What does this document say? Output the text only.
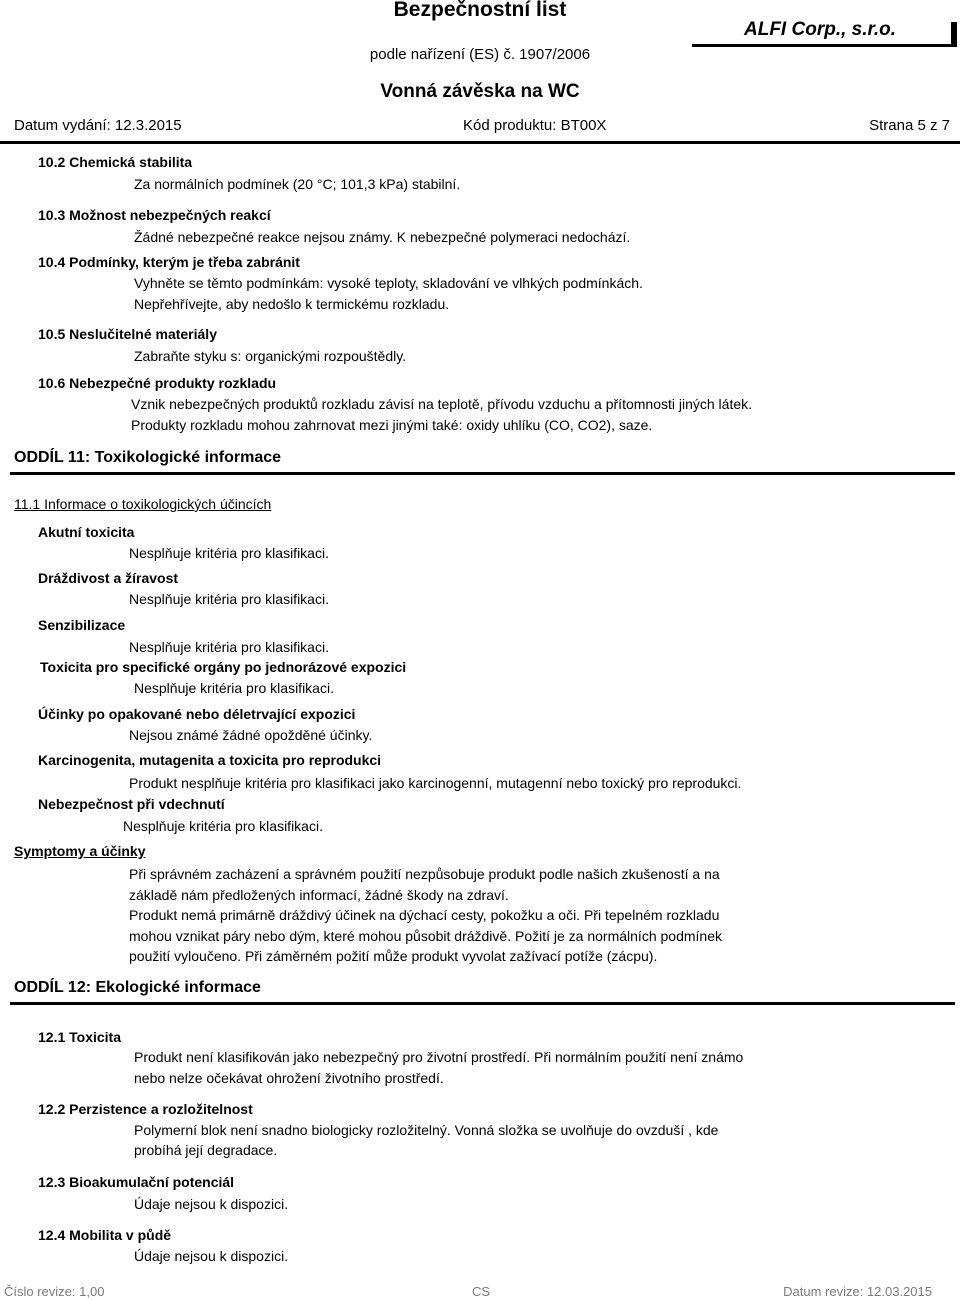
Bezpečnostní list
podle nařízení (ES) č. 1907/2006
ALFI Corp., s.r.o.
Vonná závěska na WC
Datum vydání: 12.3.2015	Kód produktu: BT00X	Strana 5 z 7
10.2 Chemická stabilita
Za normálních podmínek (20 °C; 101,3 kPa) stabilní.
10.3 Možnost nebezpečných reakcí
Žádné nebezpečné reakce nejsou známy. K nebezpečné polymeraci nedochází.
10.4 Podmínky, kterým je třeba zabránit
Vyhněte se těmto podmínkám: vysoké teploty, skladování ve vlhkých podmínkách.
Nepřehřívejte, aby nedošlo k termickému rozkladu.
10.5 Neslučitelné materiály
Zabraňte styku s: organickými rozpouštědly.
10.6 Nebezpečné produkty rozkladu
Vznik nebezpečných produktů rozkladu závisí na teplotě, přívodu vzduchu a přítomnosti jiných látek.
Produkty rozkladu mohou zahrnovat mezi jinými také: oxidy uhlíku (CO, CO2), saze.
ODDÍL 11: Toxikologické informace
11.1 Informace o toxikologických účincích
Akutní toxicita
Nesplňuje kritéria pro klasifikaci.
Dráždivost a žíravost
Nesplňuje kritéria pro klasifikaci.
Senzibilizace
Nesplňuje kritéria pro klasifikaci.
Toxicita pro specifické orgány po jednorázové expozici
Nesplňuje kritéria pro klasifikaci.
Účinky po opakované nebo déletrvající expozici
Nejsou známé žádné opožděné účinky.
Karcinogenita, mutagenita a toxicita pro reprodukci
Produkt nesplňuje kritéria pro klasifikaci jako karcinogenní, mutagenní nebo toxický pro reprodukci.
Nebezpečnost při vdechnutí
Nesplňuje kritéria pro klasifikaci.
Symptomy a účinky
Při správném zacházení a správném použití nezpůsobuje produkt podle našich zkušeností a na
základě nám předložených informací, žádné škody na zdraví.
Produkt nemá primárně dráždivý účinek na dýchací cesty, pokožku a oči. Při tepelném rozkladu
mohou vznikat páry nebo dým, které mohou působit dráždivě. Požití je za normálních podmínek
použití vyloučeno. Při záměrném požití může produkt vyvolat zažívací potíže (zácpu).
ODDÍL 12: Ekologické informace
12.1 Toxicita
Produkt není klasifikován jako nebezpečný pro životní prostředí. Při normálním použití není známo
nebo nelze očekávat ohrožení životního prostředí.
12.2 Perzistence a rozložitelnost
Polymerní blok není snadno biologicky rozložitelný. Vonná složka se uvolňuje do ovzduší , kde
probíhá její degradace.
12.3 Bioakumulační potenciál
Údaje nejsou k dispozici.
12.4 Mobilita v půdě
Údaje nejsou k dispozici.
Číslo revize: 1,00	CS	Datum revize: 12.03.2015
